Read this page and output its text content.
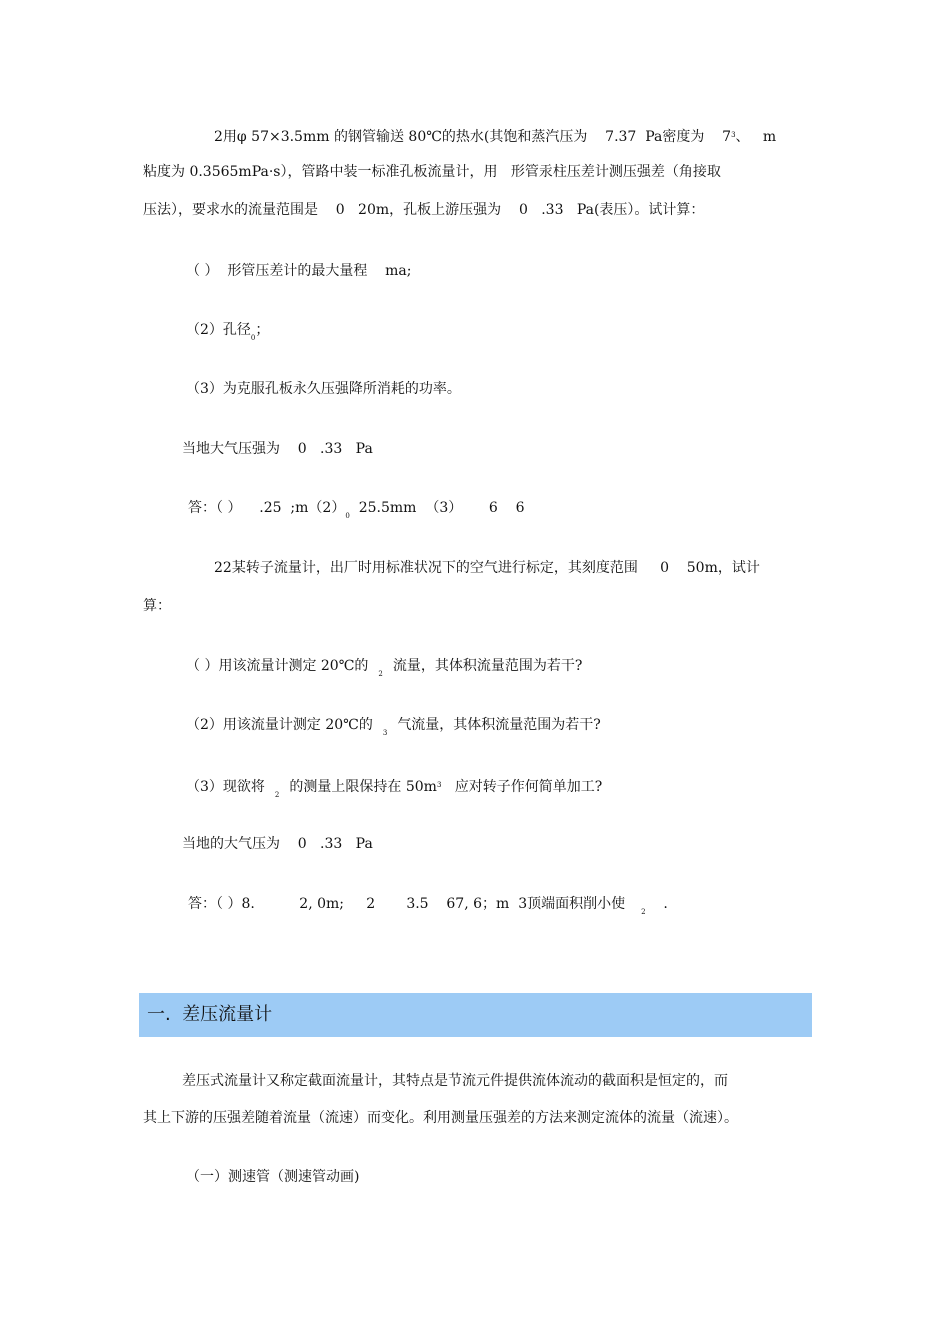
2用φ 57×3.5mm 的钢管输送 80℃的热水(其饱和蒸汽压为    7.37  Pa密度为    $7^3$、   m
粘度为 0.3565mPa·s），管路中装一标准孔板流量计，用   形管汞柱压差计测压强差（角接取
压法），要求水的流量范围是    0   20m，孔板上游压强为    0   .33   Pa(表压）。试计算：
（ ）  形管压差计的最大量程    ma;
（2）孔径$_0$；
（3）为克服孔板永久压强降所消耗的功率。
当地大气压强为    0   .33   Pa
答：（ ）    .25  $;m(2)_0$  25.5mm  （3）      6    6
22某转子流量计，出厂时用标准状况下的空气进行标定，其刻度范围     0    50m，试计
算：
（ ）用该流量计测定 20℃的 $_2$ 流量，其体积流量范围为若干?
（2）用该流量计测定 20℃的 $_3$ 气流量，其体积流量范围为若干?
（3）现欲将 $_2$ 的测量上限保持在 $50m^3$   应对转子作何简单加工?
当地的大气压为    0   .33   Pa
答：（ ）8.          2, 0m;     2       3.5    67, 6；m  3顶端面积削小使 $_2$    .
一.  差压流量计
差压式流量计又称定截面流量计，其特点是节流元件提供流体流动的截面积是恒定的，而
其上下游的压强差随着流量（流速）而变化。利用测量压强差的方法来测定流体的流量（流速）。
（一）测速管（测速管动画)
